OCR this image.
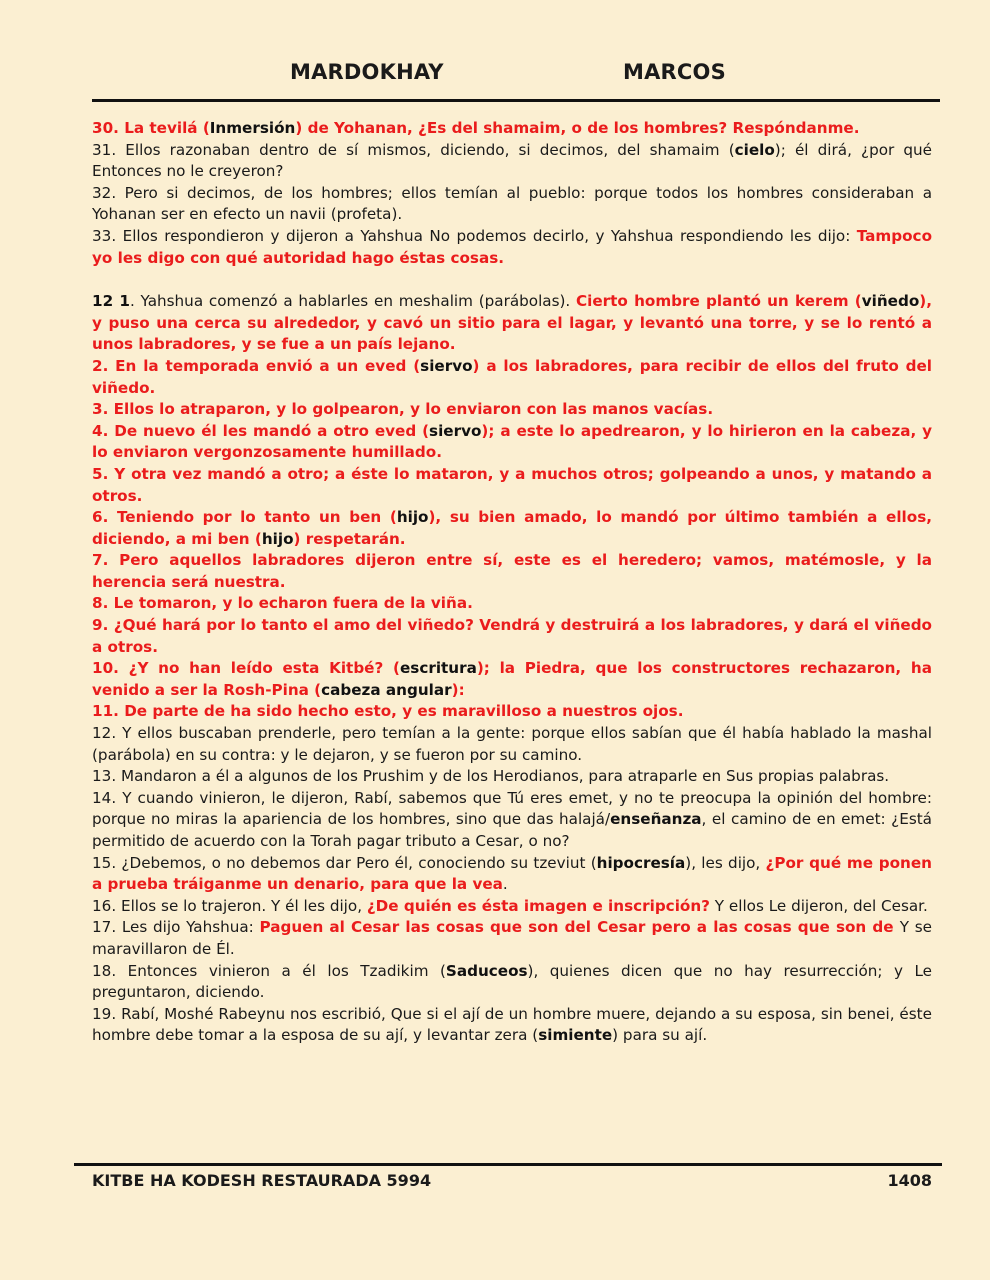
MARDOKHAY	MARCOS

30. La tevilá (Inmersión) de Yohanan, ¿Es del shamaim, o de los hombres? Respóndanme.

31. Ellos razonaban dentro de sí mismos, diciendo, si decimos, del shamaim (cielo); él dirá, ¿por qué Entonces no le creyeron?

32. Pero si decimos, de los hombres; ellos temían al pueblo: porque todos los hombres consideraban a Yohanan ser en efecto un navii (profeta).

33. Ellos respondieron y dijeron a Yahshua No podemos decirlo, y Yahshua respondiendo les dijo: Tampoco yo les digo con qué autoridad hago éstas cosas.

12 1. Yahshua comenzó a hablarles en meshalim (parábolas). Cierto hombre plantó un kerem (viñedo), y puso una cerca su alrededor, y cavó un sitio para el lagar, y levantó una torre, y se lo rentó a unos labradores, y se fue a un país lejano.

2. En la temporada envió a un eved (siervo) a los labradores, para recibir de ellos del fruto del viñedo.

3. Ellos lo atraparon, y lo golpearon, y lo enviaron con las manos vacías.

4. De nuevo él les mandó a otro eved (siervo); a este lo apedrearon, y lo hirieron en la cabeza, y lo enviaron vergonzosamente humillado.

5. Y otra vez mandó a otro; a éste lo mataron, y a muchos otros; golpeando a unos, y matando a otros.

6. Teniendo por lo tanto un ben (hijo), su bien amado, lo mandó por último también a ellos, diciendo, a mi ben (hijo) respetarán.

7. Pero aquellos labradores dijeron entre sí, este es el heredero; vamos, matémosle, y la herencia será nuestra.

8. Le tomaron, y lo echaron fuera de la viña.

9. ¿Qué hará por lo tanto el amo del viñedo? Vendrá y destruirá a los labradores, y dará el viñedo a otros.

10. ¿Y no han leído esta Kitbé? (escritura); la Piedra, que los constructores rechazaron, ha venido a ser la Rosh-Pina (cabeza angular):

11. De parte de ha sido hecho esto, y es maravilloso a nuestros ojos.

12. Y ellos buscaban prenderle, pero temían a la gente: porque ellos sabían que él había hablado la mashal (parábola) en su contra: y le dejaron, y se fueron por su camino.

13. Mandaron a él a algunos de los Prushim y de los Herodianos, para atraparle en Sus propias palabras.

14. Y cuando vinieron, le dijeron, Rabí, sabemos que Tú eres emet, y no te preocupa la opinión del hombre: porque no miras la apariencia de los hombres, sino que das halajá/enseñanza, el camino de en emet: ¿Está permitido de acuerdo con la Torah pagar tributo a Cesar, o no?

15. ¿Debemos, o no debemos dar Pero él, conociendo su tzeviut (hipocresía), les dijo, ¿Por qué me ponen a prueba tráiganme un denario, para que la vea.

16. Ellos se lo trajeron. Y él les dijo, ¿De quién es ésta imagen e inscripción? Y ellos Le dijeron, del Cesar.

17. Les dijo Yahshua: Paguen al Cesar las cosas que son del Cesar pero a las cosas que son de Y se maravillaron de Él.

18. Entonces vinieron a él los Tzadikim (Saduceos), quienes dicen que no hay resurrección; y Le preguntaron, diciendo.

19. Rabí, Moshé Rabeynu nos escribió, Que si el ají de un hombre muere, dejando a su esposa, sin benei, éste hombre debe tomar a la esposa de su ají, y levantar zera (simiente) para su ají.

KITBE HA KODESH RESTAURADA 5994	1408
